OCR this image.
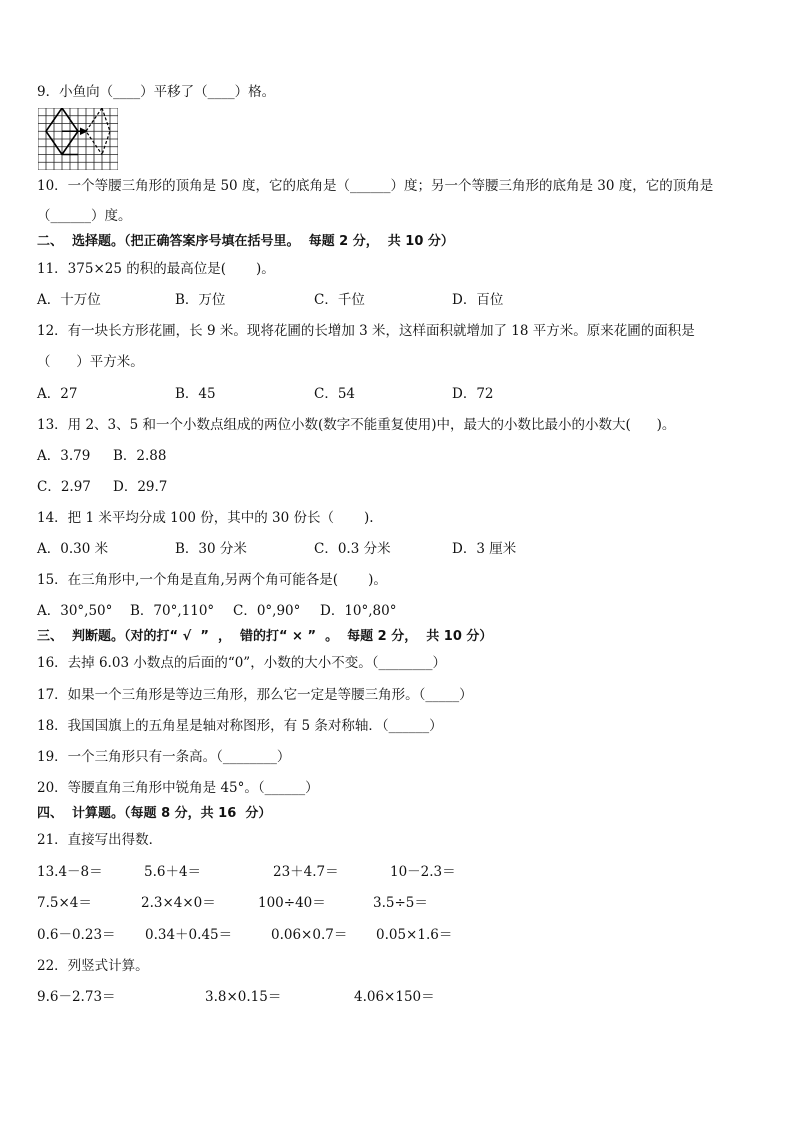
9．小鱼向（____）平移了（____）格。
10．一个等腰三角形的顶角是 50 度，它的底角是（______）度；另一个等腰三角形的底角是 30 度，它的顶角是
（______）度。
二、  选择题。（把正确答案序号填在括号里。  每题 2 分，  共 10 分）
11．375×25 的积的最高位是(       )。
A．十万位	B．万位	C．千位	D．百位
12．有一块长方形花圃，长 9 米。现将花圃的长增加 3 米，这样面积就增加了 18 平方米。原来花圃的面积是
（      ）平方米。
A．27	B．45	C．54	D．72
13．用 2、3、5 和一个小数点组成的两位小数(数字不能重复使用)中，最大的小数比最小的小数大(      )。
A．3.79 B．2.88
C．2.97 D．29.7
14．把 1 米平均分成 100 份，其中的 30 份长（       ).
A．0.30 米	B．30 分米	C．0.3 分米	D．3 厘米
15．在三角形中,一个角是直角,另两个角可能各是(       )。
A．30°,50° B．70°,110° C．0°,90° D．10°,80°
三、  判断题。（对的打“ √  ”  ，  错的打“ × ”  。  每题 2 分，  共 10 分）
16．去掉 6.03 小数点的后面的“0”，小数的大小不变。（________）
17．如果一个三角形是等边三角形，那么它一定是等腰三角形。（_____）
18．我国国旗上的五角星是轴对称图形，有 5 条对称轴．（______）
19．一个三角形只有一条高。（________）
20．等腰直角三角形中锐角是 45°。（______）
四、  计算题。（每题 8 分，共 16  分）
21．直接写出得数．
13.4－8＝	5.6＋4＝	23＋4.7＝	10－2.3＝
7.5×4＝	2.3×4×0＝	100÷40＝	3.5÷5＝
0.6－0.23＝ 0.34＋0.45＝	0.06×0.7＝ 0.05×1.6＝
22．列竖式计算。
9.6－2.73＝	3.8×0.15＝	4.06×150＝
